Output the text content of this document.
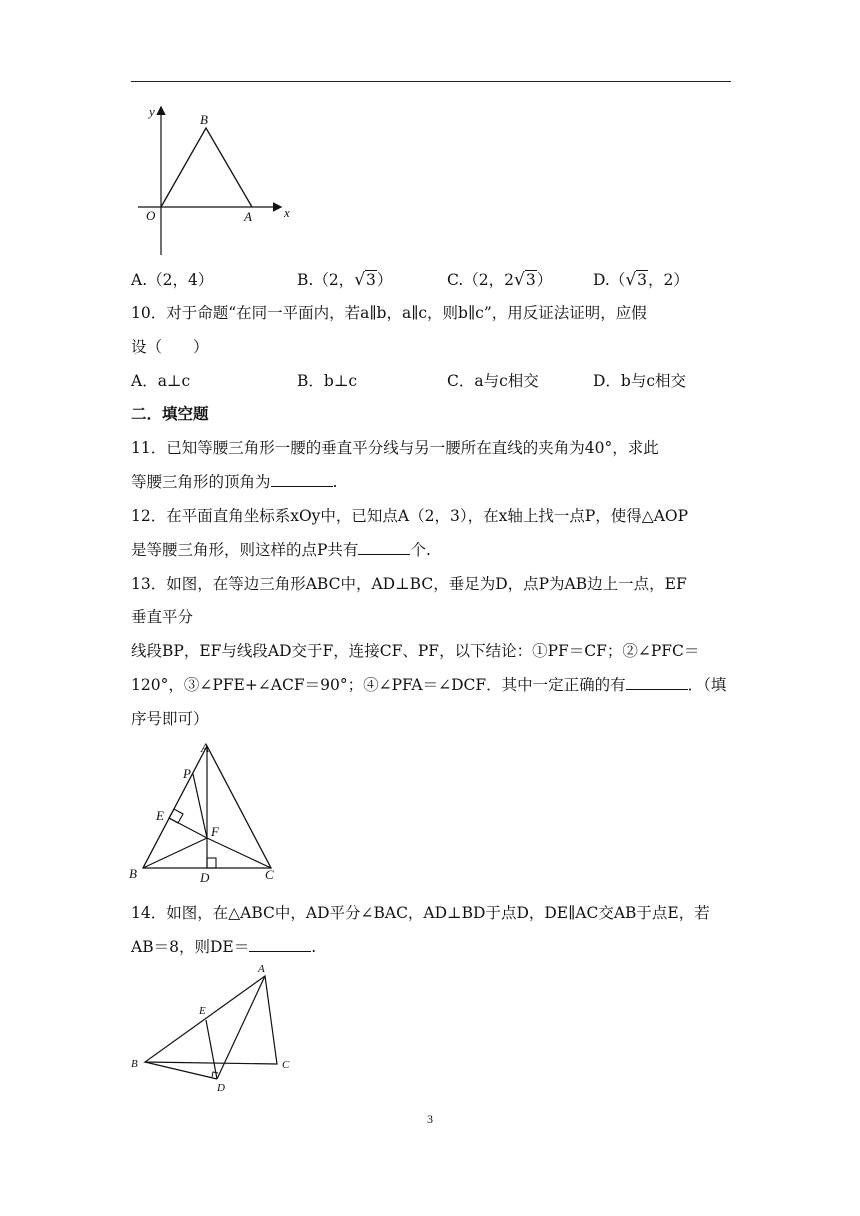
y
B
O	A x
A.（2，4）	B.（2，√3）	C.（2，2√3）	D.（√3，2）
10．对于命题“在同一平面内，若a∥b，a∥c，则b∥c”，用反证法证明，应假
设（　　）
A．a⊥c	B．b⊥c	C．a与c相交	D．b与c相交
二．填空题
11．已知等腰三角形一腰的垂直平分线与另一腰所在直线的夹角为40°，求此
等腰三角形的顶角为	.
12．在平面直角坐标系xOy中，已知点A（2，3），在x轴上找一点P，使得△AOP
是等腰三角形，则这样的点P共有	个.
13．如图，在等边三角形ABC中，AD⊥BC，垂足为D，点P为AB边上一点，EF
垂直平分
线段BP，EF与线段AD交于F，连接CF、PF，以下结论：①PF＝CF；②∠PFC＝
120°，③∠PFE+∠ACF＝90°；④∠PFA＝∠DCF．其中一定正确的有	．（填
序号即可）
A
P
E
F
B	D	C
14．如图，在△ABC中，AD平分∠BAC，AD⊥BD于点D，DE∥AC交AB于点E，若
AB＝8，则DE＝	.
A
E
B	C
D
3
